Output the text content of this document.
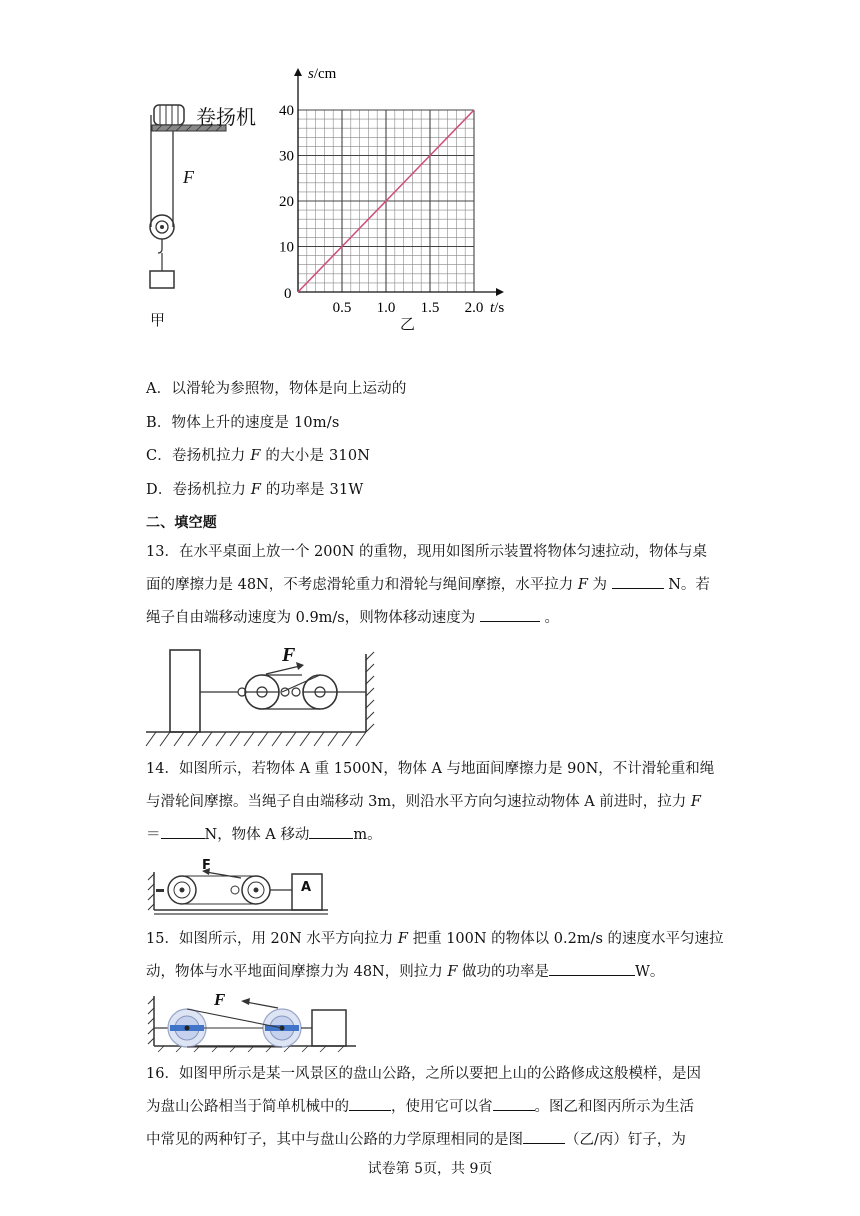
卷扬机
F
甲
0.5 1.0 1.5 2.0
10
20
30
40
0
s/cm
t/s
乙
A．以滑轮为参照物，物体是向上运动的
B．物体上升的速度是 10m/s
C．卷扬机拉力 F 的大小是 310N
D．卷扬机拉力 F 的功率是 31W
二、填空题

13．在水平桌面上放一个 200N 的重物，现用如图所示装置将物体匀速拉动，物体与桌

面的摩擦力是 48N，不考虑滑轮重力和滑轮与绳间摩擦，水平拉力 F 为	N。若

绳子自由端移动速度为 0.9m/s，则物体移动速度为	。

F

14．如图所示，若物体 A 重 1500N，物体 A 与地面间摩擦力是 90N，不计滑轮重和绳

与滑轮间摩擦。当绳子自由端移动 3m，则沿水平方向匀速拉动物体 A 前进时，拉力 F

＝	N，物体 A 移动	m。

F
A

15．如图所示，用 20N 水平方向拉力 F 把重 100N 的物体以 0.2m/s 的速度水平匀速拉

动，物体与水平地面间摩擦力为 48N，则拉力 F 做功的功率是	W。

F

16．如图甲所示是某一风景区的盘山公路，之所以要把上山的公路修成这般模样，是因

为盘山公路相当于简单机械中的	，使用它可以省	。图乙和图丙所示为生活

中常见的两种钉子，其中与盘山公路的力学原理相同的是图	（乙/丙）钉子，为

试卷第 5页，共 9页
